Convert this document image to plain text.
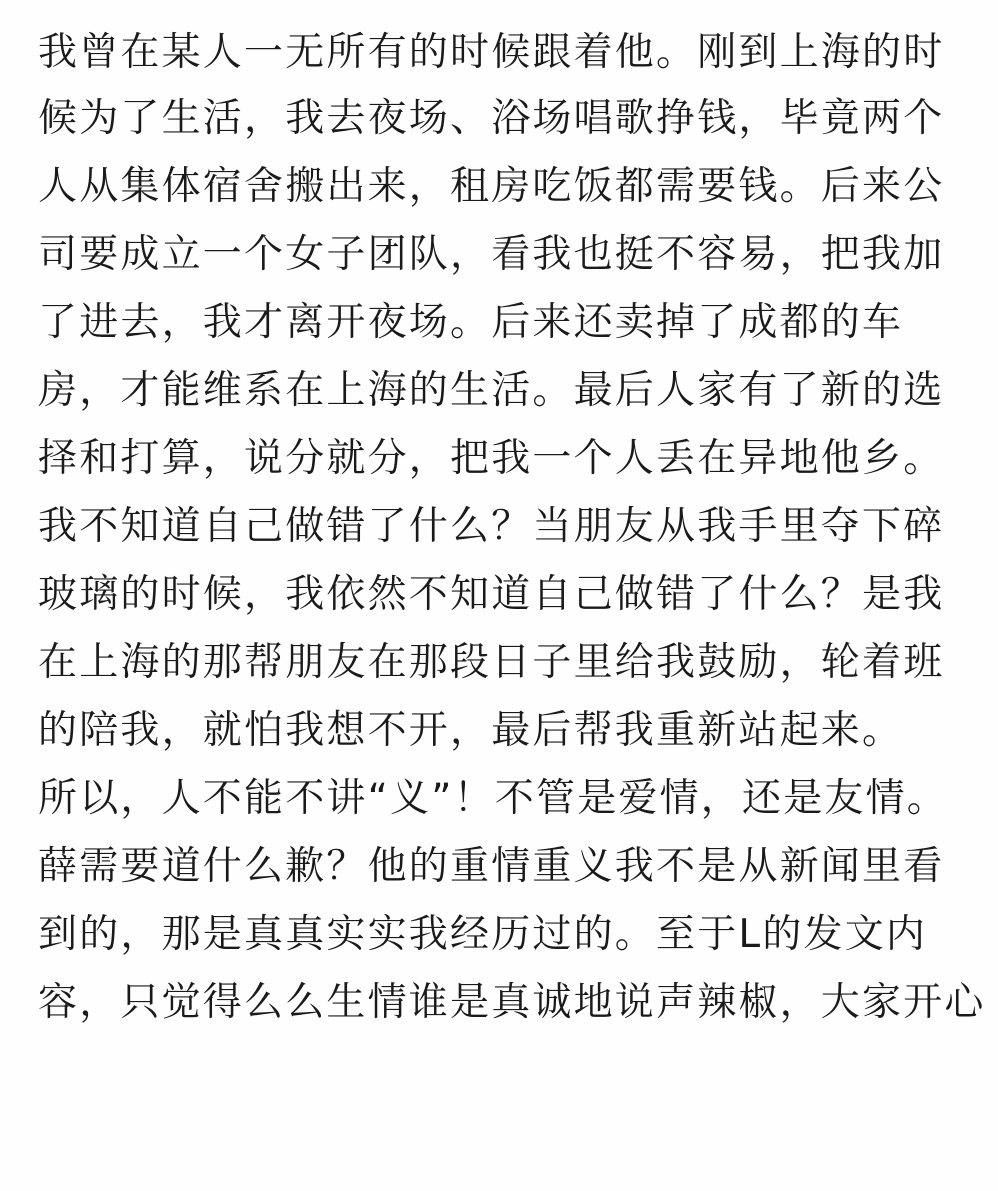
我曾在某人一无所有的时候跟着他。刚到上海的时
候为了生活，我去夜场、浴场唱歌挣钱，毕竟两个
人从集体宿舍搬出来，租房吃饭都需要钱。后来公
司要成立一个女子团队，看我也挺不容易，把我加
了进去，我才离开夜场。后来还卖掉了成都的车
房，才能维系在上海的生活。最后人家有了新的选
择和打算，说分就分，把我一个人丢在异地他乡。
我不知道自己做错了什么？当朋友从我手里夺下碎
玻璃的时候，我依然不知道自己做错了什么？是我
在上海的那帮朋友在那段日子里给我鼓励，轮着班
的陪我，就怕我想不开，最后帮我重新站起来。
所以，人不能不讲“义”！不管是爱情，还是友情。
薛需要道什么歉？他的重情重义我不是从新闻里看
到的，那是真真实实我经历过的。至于L的发文内
容，只觉得么么生情谁是真诚地说声辣椒，大家开心
